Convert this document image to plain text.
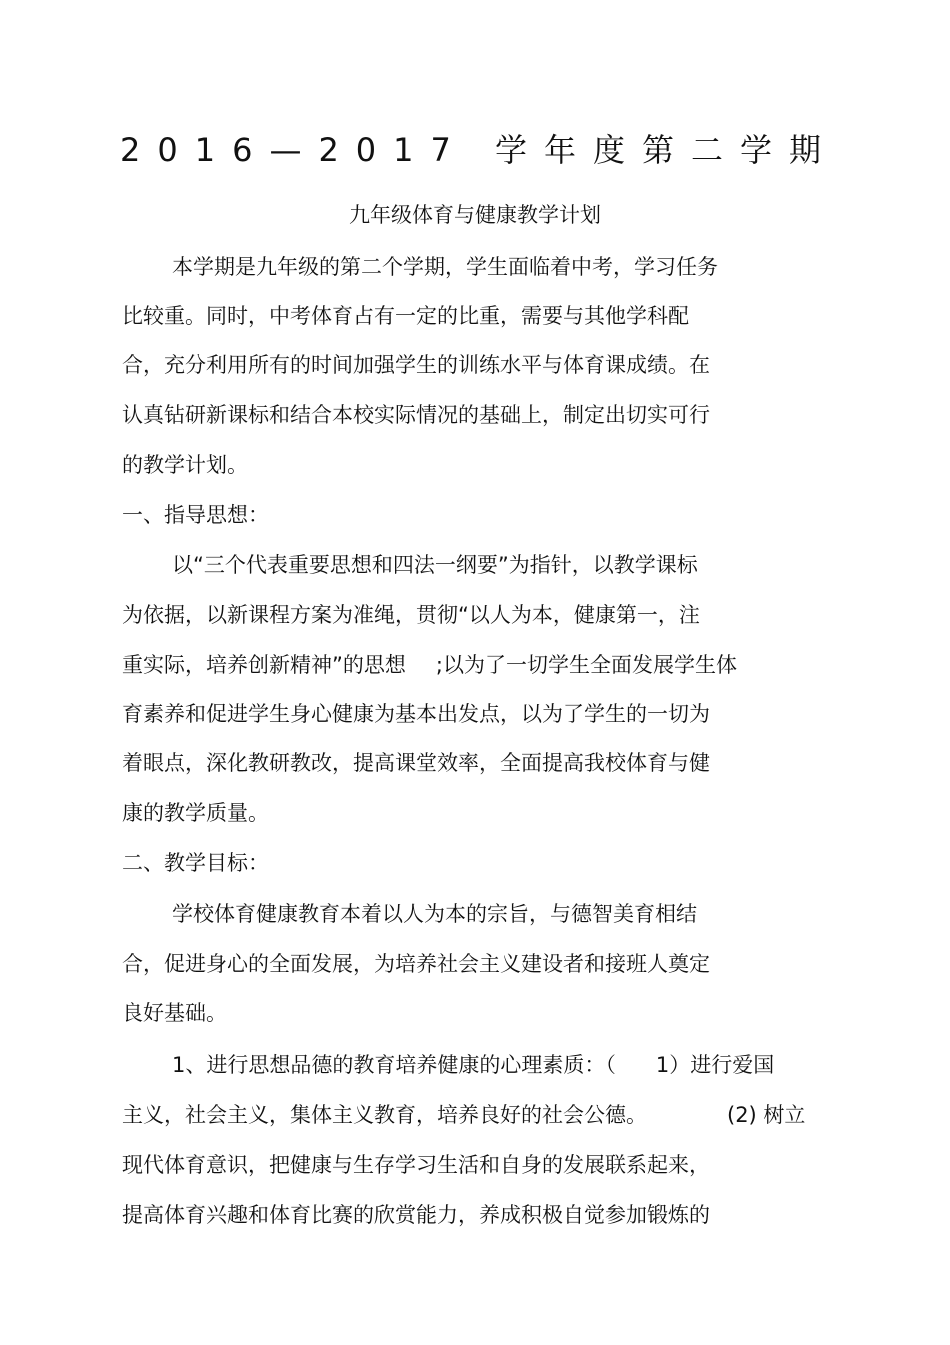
2016—2017 学年度第二学期
九年级体育与健康教学计划
本学期是九年级的第二个学期，学生面临着中考，学习任务
比较重。同时，中考体育占有一定的比重，需要与其他学科配
合，充分利用所有的时间加强学生的训练水平与体育课成绩。在
认真钻研新课标和结合本校实际情况的基础上，制定出切实可行
的教学计划。
一、指导思想：
以“三个代表重要思想和四法一纲要”为指针，以教学课标
为依据，以新课程方案为准绳，贯彻“以人为本，健康第一，注
重实际，培养创新精神”的思想 ;以为了一切学生全面发展学生体
育素养和促进学生身心健康为基本出发点，以为了学生的一切为
着眼点，深化教研教改，提高课堂效率，全面提高我校体育与健
康的教学质量。
二、教学目标：
学校体育健康教育本着以人为本的宗旨，与德智美育相结
合，促进身心的全面发展，为培养社会主义建设者和接班人奠定
良好基础。
1、进行思想品德的教育培养健康的心理素质：（ 1）进行爱国
主义，社会主义，集体主义教育，培养良好的社会公德。	(2) 树立
现代体育意识，把健康与生存学习生活和自身的发展联系起来，
提高体育兴趣和体育比赛的欣赏能力，养成积极自觉参加锻炼的
